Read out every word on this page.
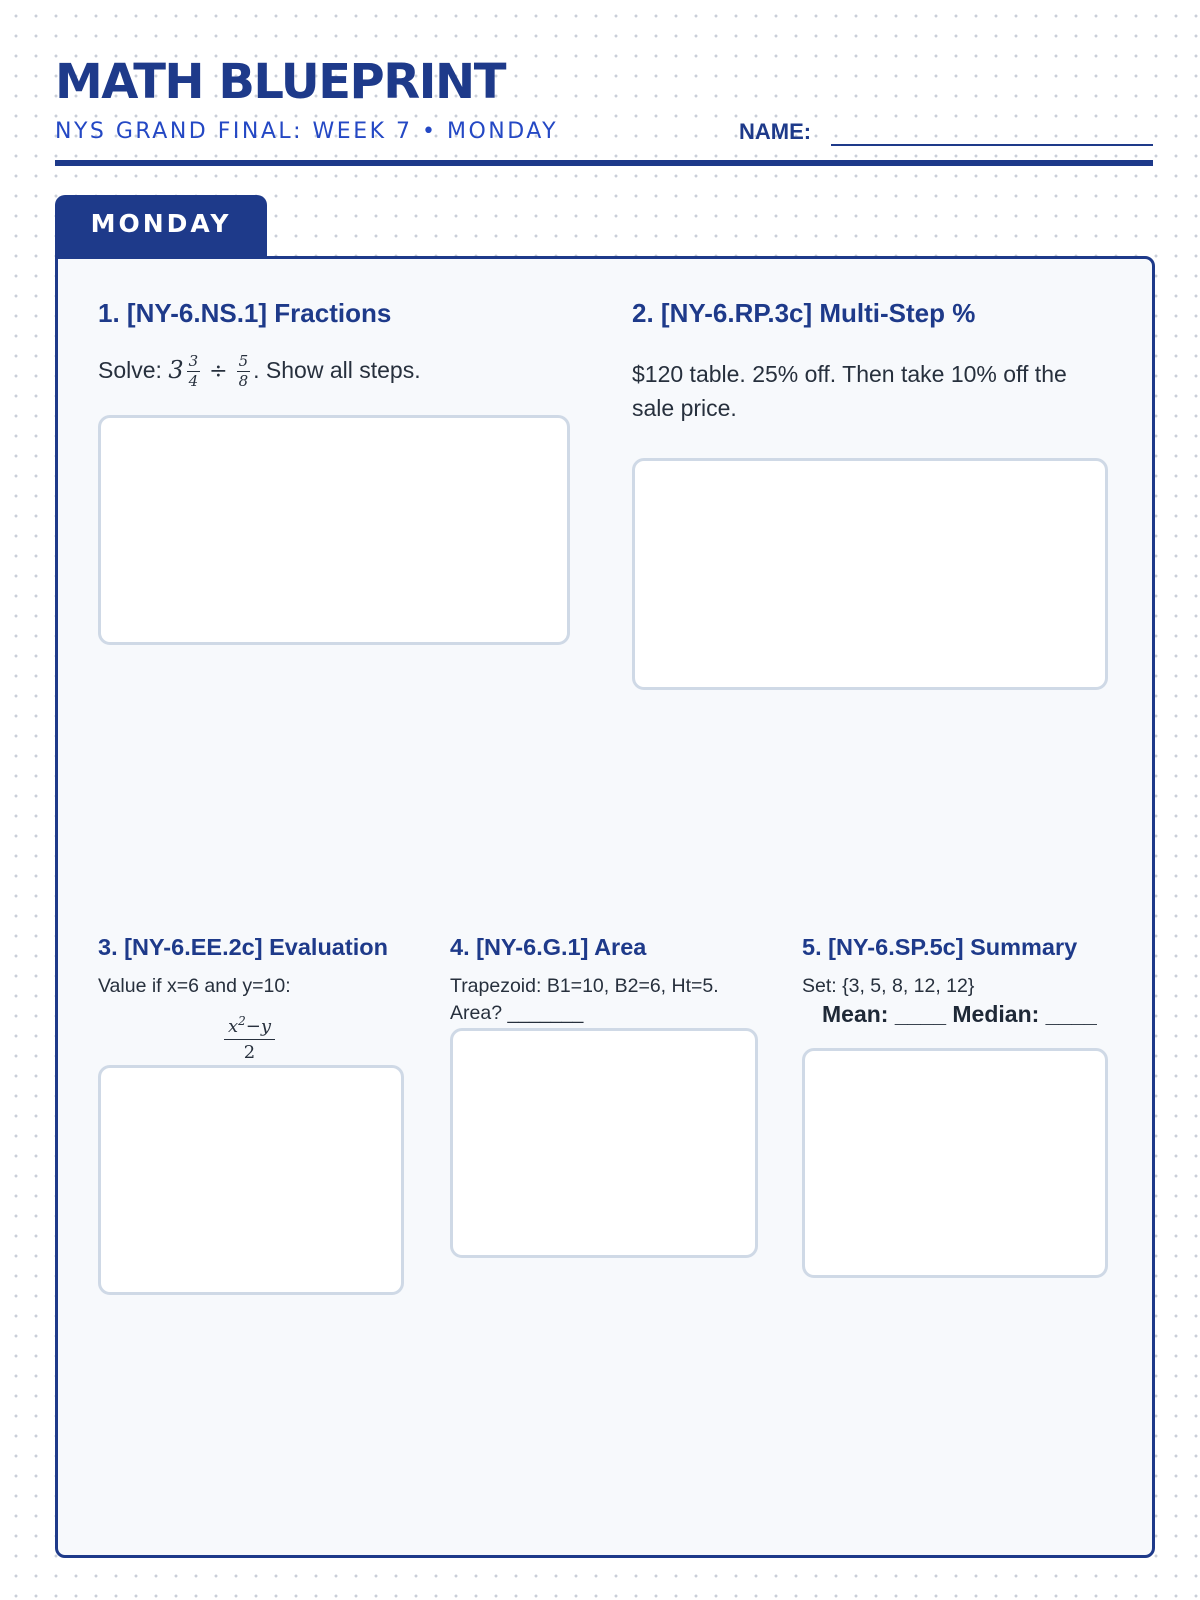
MATH BLUEPRINT
NYS GRAND FINAL: WEEK 7 • MONDAY	NAME:
MONDAY
1. [NY-6.NS.1] Fractions
Solve: $3 \frac{3}{4} \div \frac{5}{8}$ . Show all steps.
2. [NY-6.RP.3c] Multi-Step %
$120 table. 25% off. Then take 10% off the sale price.
3. [NY-6.EE.2c] Evaluation
Value if x=6 and y=10:
$\frac{x^2-y}{2}$
4. [NY-6.G.1] Area
Trapezoid: B1=10, B2=6, Ht=5. Area? _______
5. [NY-6.SP.5c] Summary
Set: {3, 5, 8, 12, 12}
Mean: ____ Median: ____
